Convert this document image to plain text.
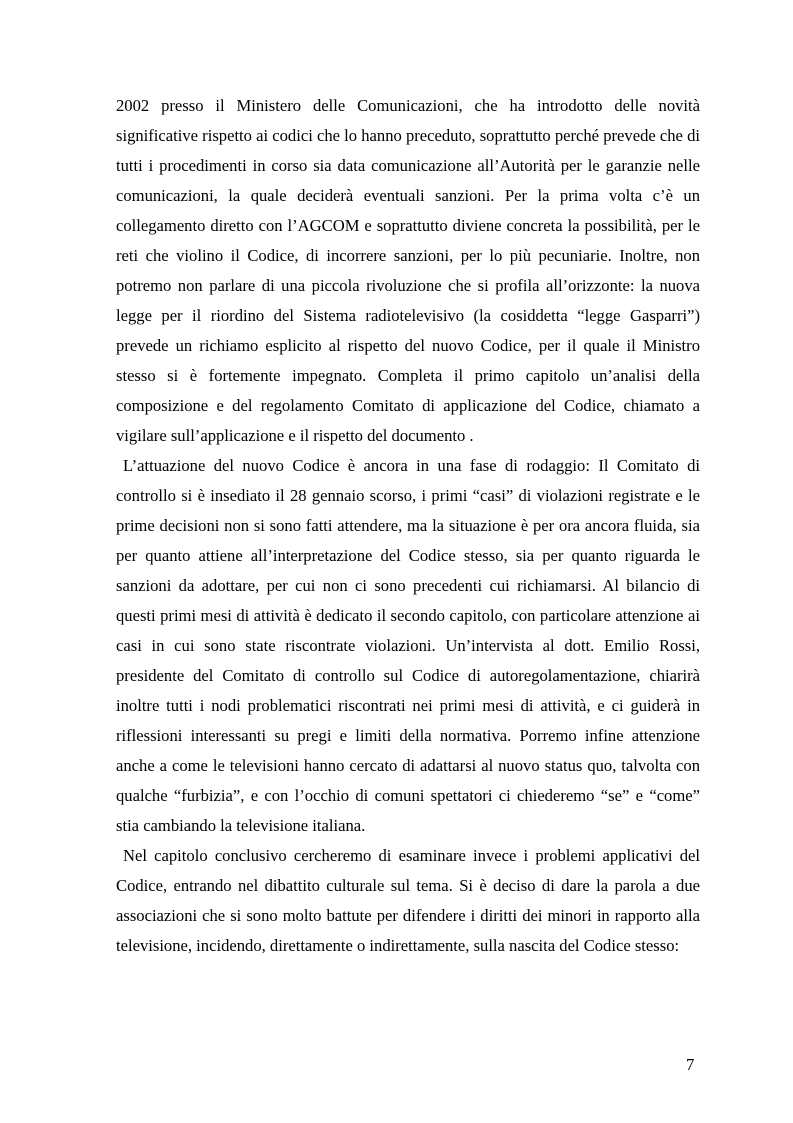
2002 presso il Ministero delle Comunicazioni, che ha introdotto delle novità significative rispetto ai codici che lo hanno preceduto, soprattutto perché prevede che di tutti i procedimenti in corso sia data comunicazione all’Autorità per le garanzie nelle comunicazioni, la quale deciderà eventuali sanzioni. Per la prima volta c’è un collegamento diretto con l’AGCOM e soprattutto diviene concreta la possibilità, per le reti che violino il Codice, di incorrere sanzioni, per lo più pecuniarie. Inoltre, non potremo non parlare di una piccola rivoluzione che si profila all’orizzonte: la nuova legge per il riordino del Sistema radiotelevisivo (la cosiddetta “legge Gasparri”) prevede un richiamo esplicito al rispetto del nuovo Codice, per il quale il Ministro stesso si è fortemente impegnato. Completa il primo capitolo un’analisi della composizione e del regolamento Comitato di applicazione del Codice, chiamato a vigilare sull’applicazione e il rispetto del documento .

L’attuazione del nuovo Codice è ancora in una fase di rodaggio: Il Comitato di controllo si è insediato il 28 gennaio scorso, i primi “casi” di violazioni registrate e le prime decisioni non si sono fatti attendere, ma la situazione è per ora ancora fluida, sia per quanto attiene all’interpretazione del Codice stesso, sia per quanto riguarda le sanzioni da adottare, per cui non ci sono precedenti cui richiamarsi. Al bilancio di questi primi mesi di attività è dedicato il secondo capitolo, con particolare attenzione ai casi in cui sono state riscontrate violazioni. Un’intervista al dott. Emilio Rossi, presidente del Comitato di controllo sul Codice di autoregolamentazione, chiarirà inoltre tutti i nodi problematici riscontrati nei primi mesi di attività, e ci guiderà in riflessioni interessanti su pregi e limiti della normativa. Porremo infine attenzione anche a come le televisioni hanno cercato di adattarsi al nuovo status quo, talvolta con qualche “furbizia”, e con l’occhio di comuni spettatori ci chiederemo “se” e “come” stia cambiando la televisione italiana.

Nel capitolo conclusivo cercheremo di esaminare invece i problemi applicativi del Codice, entrando nel dibattito culturale sul tema. Si è deciso di dare la parola a due associazioni che si sono molto battute per difendere i diritti dei minori in rapporto alla televisione, incidendo, direttamente o indirettamente, sulla nascita del Codice stesso:

7
